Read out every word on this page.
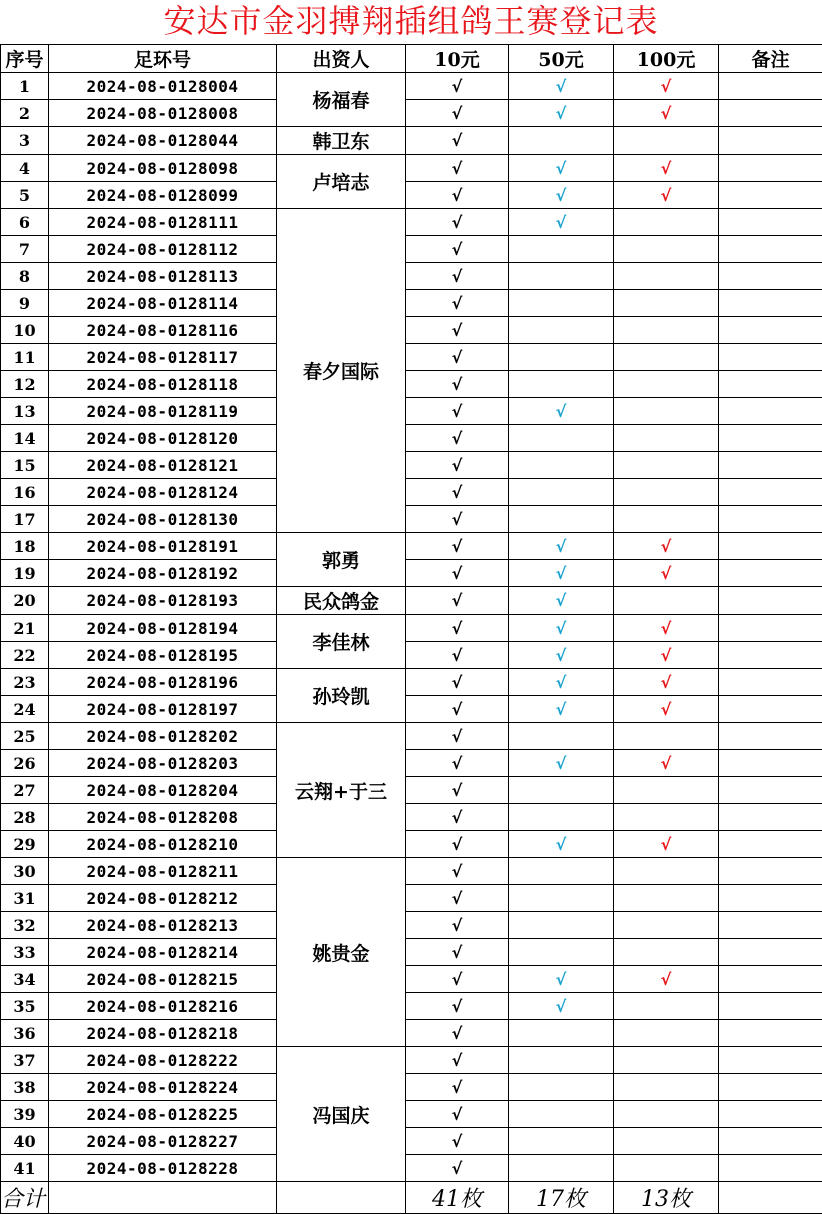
安达市金羽搏翔插组鸽王赛登记表
序号	足环号	出资人	10元	50元	100元	备注
1	2024-08-0128004	杨福春	√	√	√	
2	2024-08-0128008		√	√	√	
3	2024-08-0128044	韩卫东	√			
4	2024-08-0128098	卢培志	√	√	√	
5	2024-08-0128099		√	√	√	
6	2024-08-0128111	春夕国际	√	√		
7	2024-08-0128112		√			
8	2024-08-0128113		√			
9	2024-08-0128114		√			
10	2024-08-0128116		√			
11	2024-08-0128117		√			
12	2024-08-0128118		√			
13	2024-08-0128119		√	√		
14	2024-08-0128120		√			
15	2024-08-0128121		√			
16	2024-08-0128124		√			
17	2024-08-0128130		√			
18	2024-08-0128191	郭勇	√	√	√	
19	2024-08-0128192		√	√	√	
20	2024-08-0128193	民众鸽金	√	√		
21	2024-08-0128194	李佳林	√	√	√	
22	2024-08-0128195		√	√	√	
23	2024-08-0128196	孙玲凯	√	√	√	
24	2024-08-0128197		√	√	√	
25	2024-08-0128202	云翔+于三	√			
26	2024-08-0128203		√	√	√	
27	2024-08-0128204		√			
28	2024-08-0128208		√			
29	2024-08-0128210		√	√	√	
30	2024-08-0128211	姚贵金	√			
31	2024-08-0128212		√			
32	2024-08-0128213		√			
33	2024-08-0128214		√			
34	2024-08-0128215		√	√	√	
35	2024-08-0128216		√	√		
36	2024-08-0128218		√			
37	2024-08-0128222	冯国庆	√			
38	2024-08-0128224		√			
39	2024-08-0128225		√			
40	2024-08-0128227		√			
41	2024-08-0128228		√			
合计			41枚	17枚	13枚	
